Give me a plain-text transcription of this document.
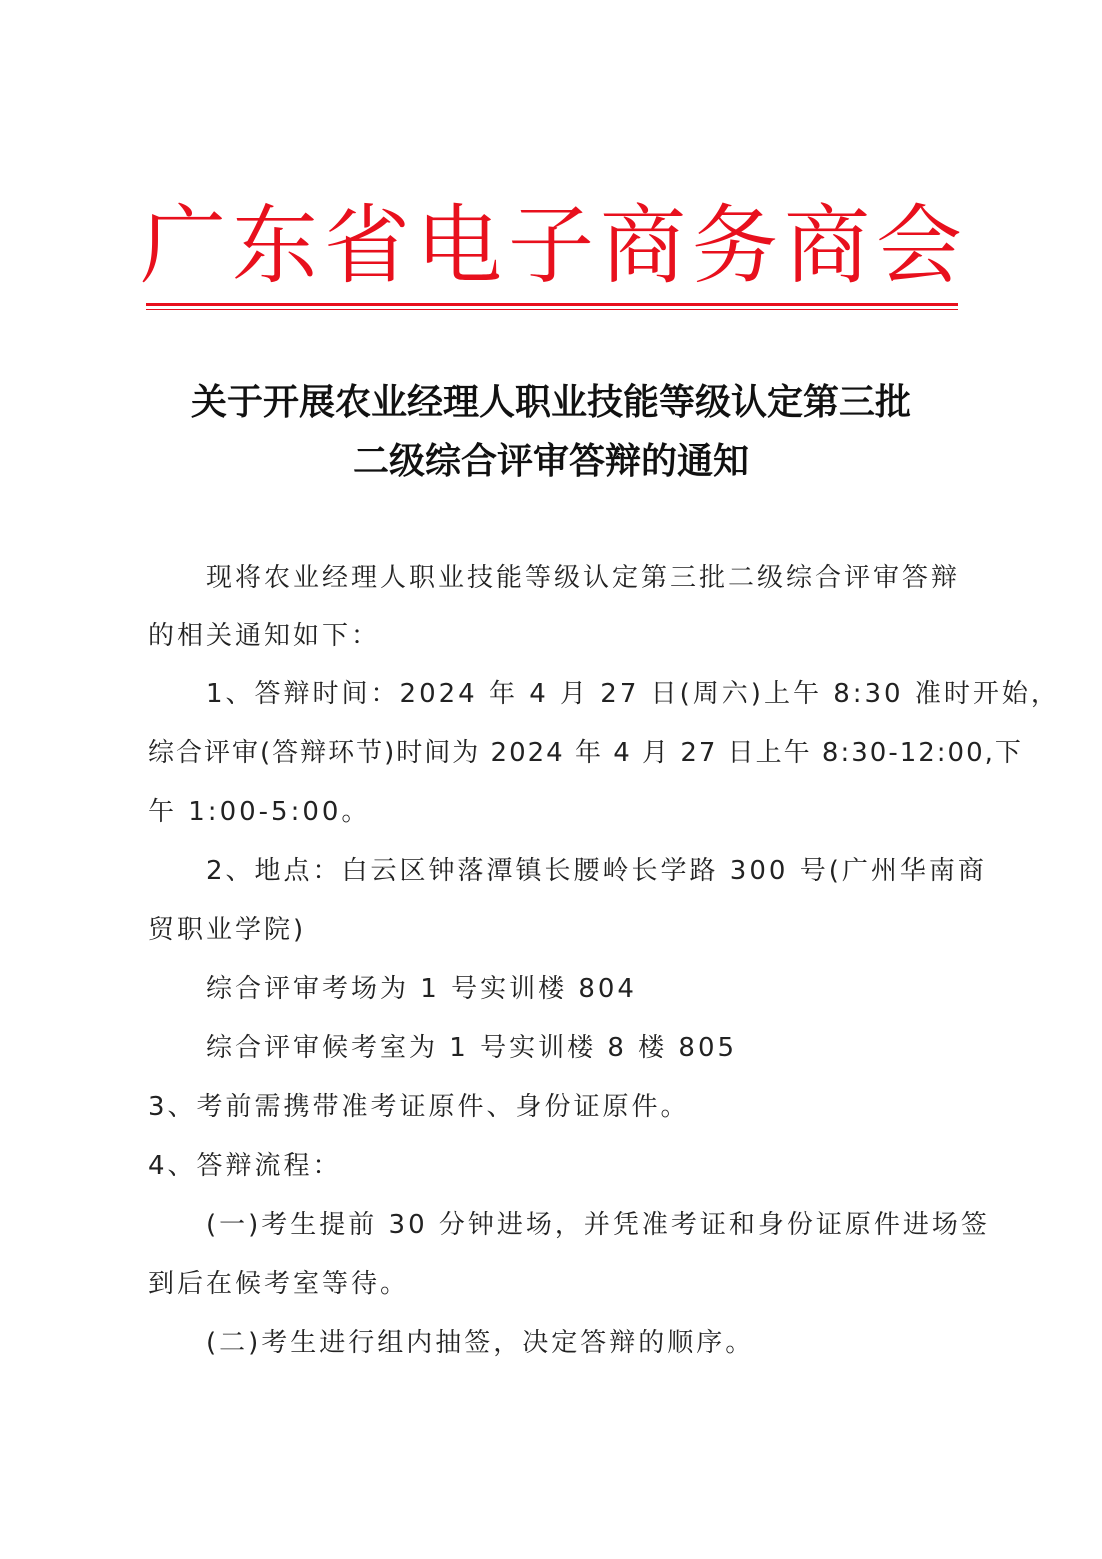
广东省电子商务商会
关于开展农业经理人职业技能等级认定第三批
二级综合评审答辩的通知
现将农业经理人职业技能等级认定第三批二级综合评审答辩
的相关通知如下：
1、答辩时间：2024 年 4 月 27 日(周六)上午 8:30 准时开始，
综合评审(答辩环节)时间为 2024 年 4 月 27 日上午 8:30-12:00,下
午 1:00-5:00。
2、地点：白云区钟落潭镇长腰岭长学路 300 号(广州华南商
贸职业学院)
综合评审考场为 1 号实训楼 804
综合评审候考室为 1 号实训楼 8 楼 805
3、考前需携带准考证原件、身份证原件。
4、答辩流程：
(一)考生提前 30 分钟进场，并凭准考证和身份证原件进场签
到后在候考室等待。
(二)考生进行组内抽签，决定答辩的顺序。
